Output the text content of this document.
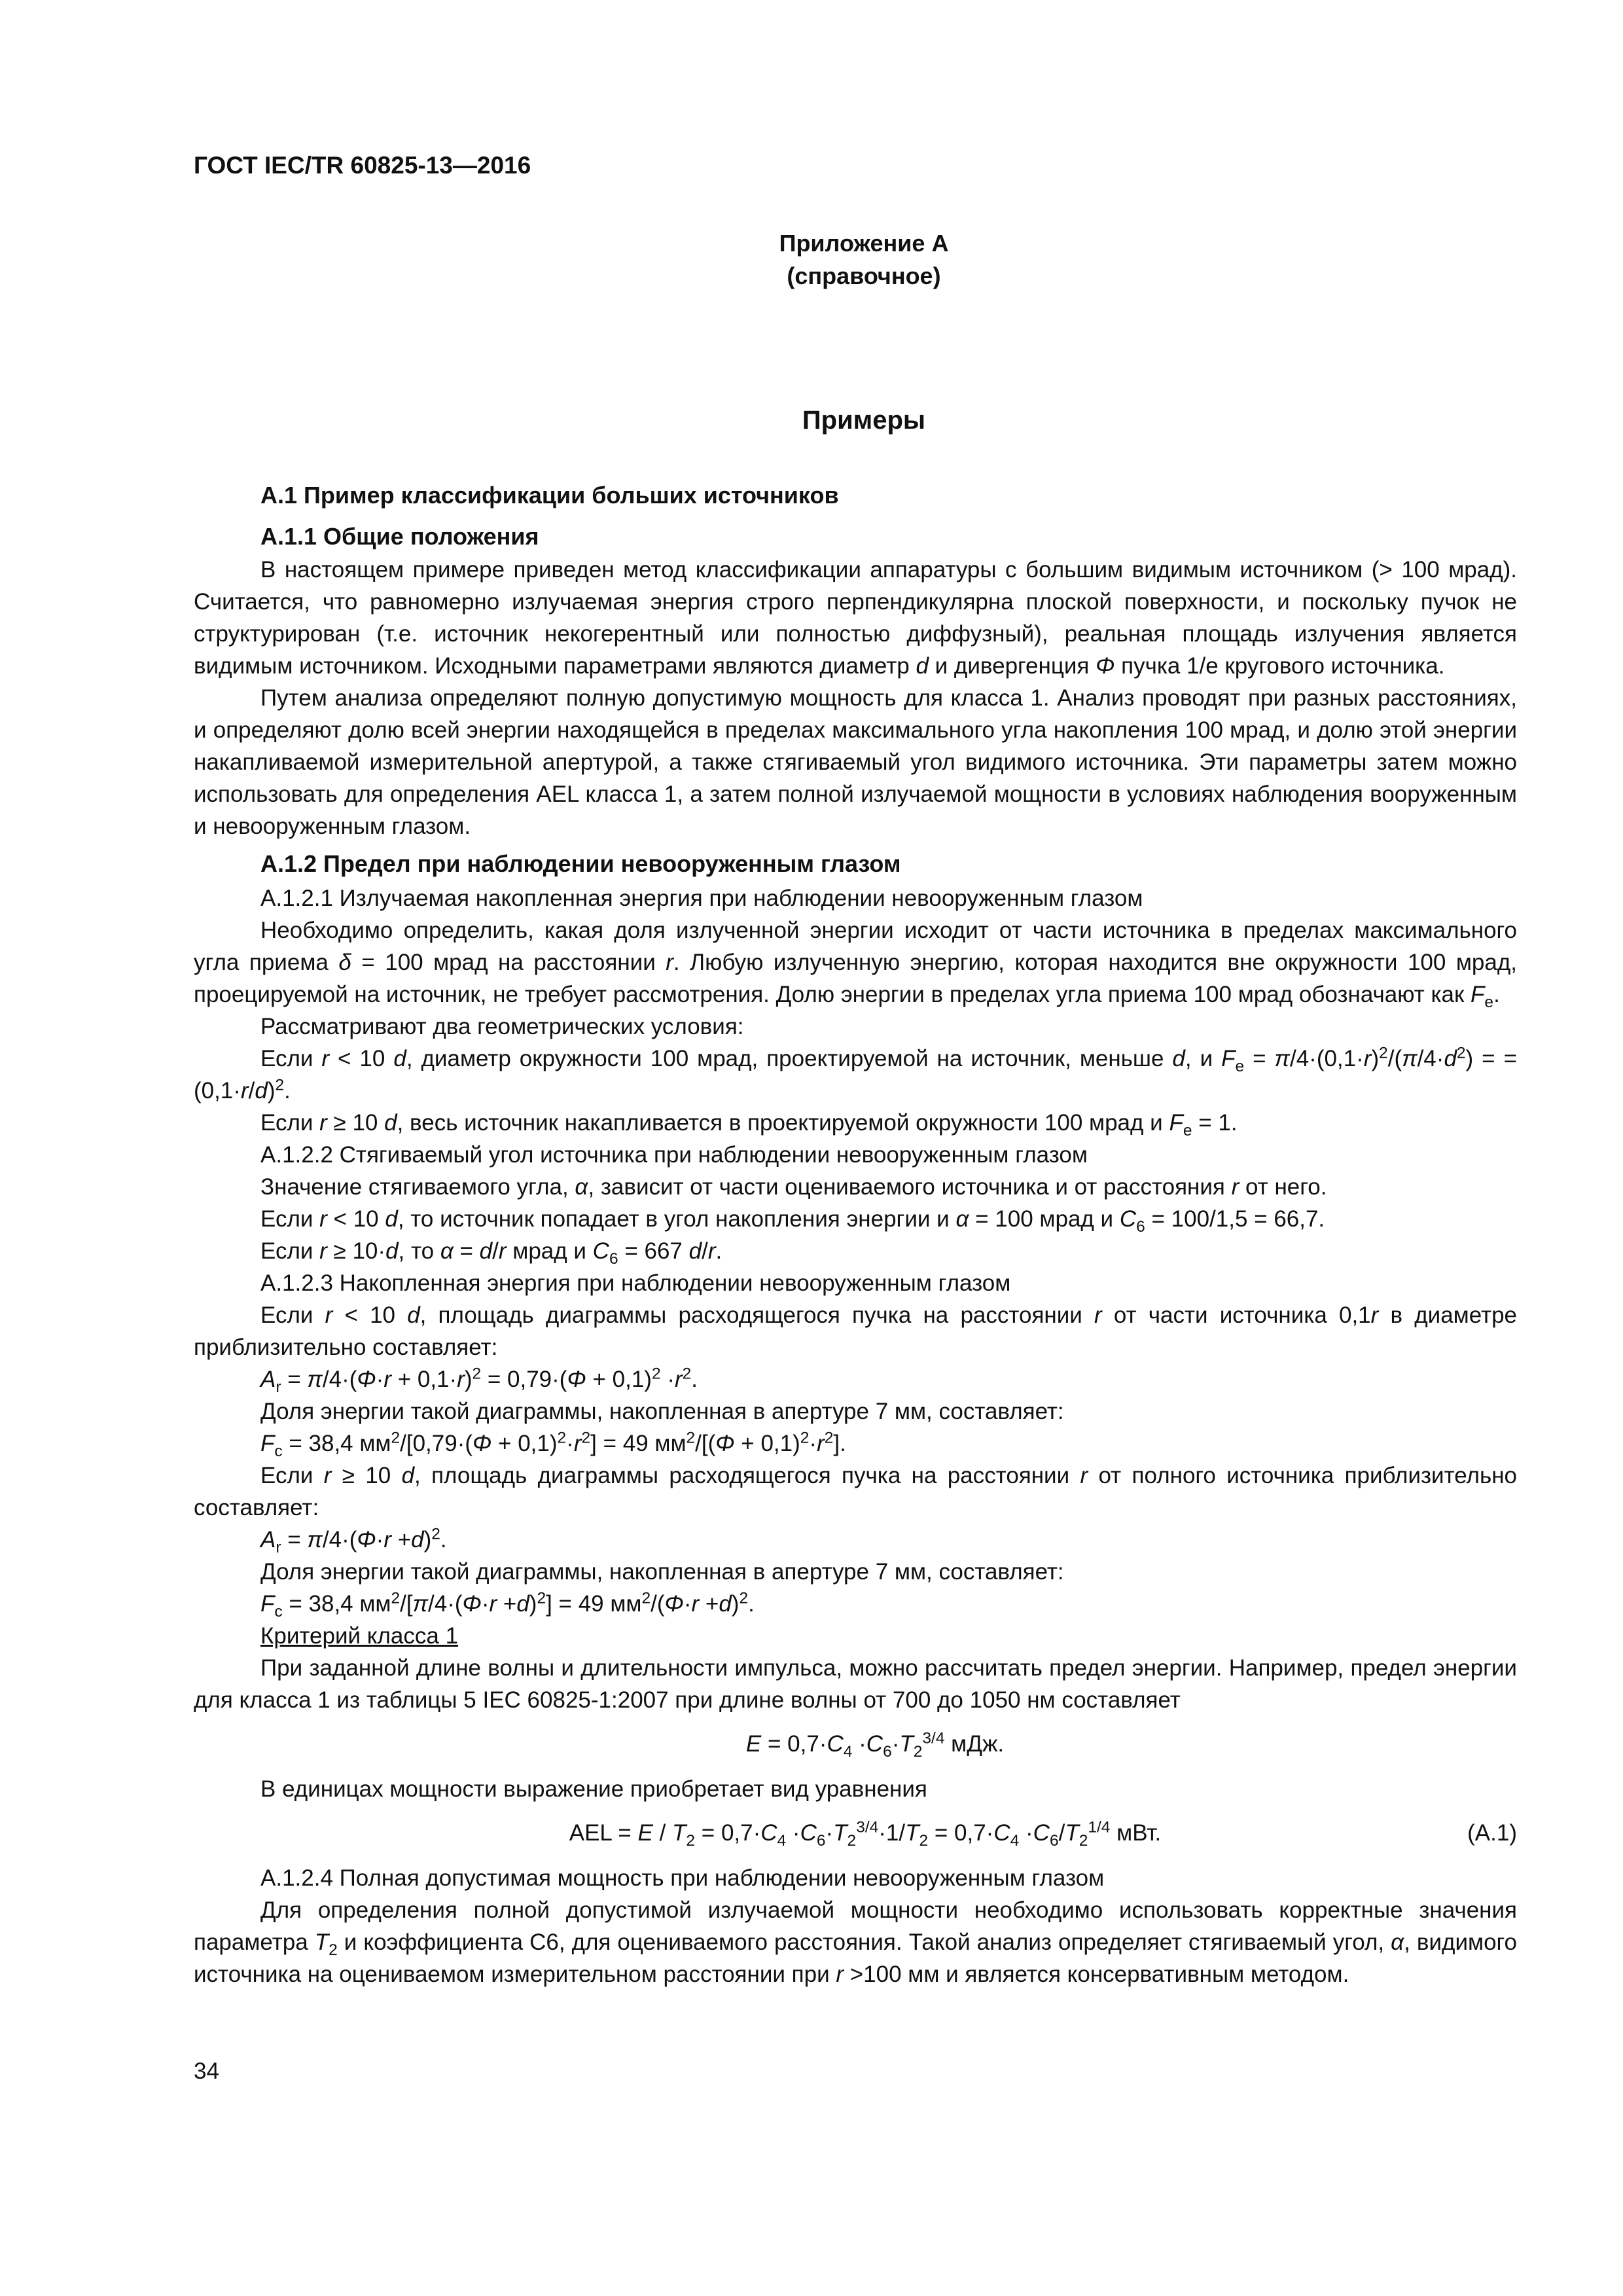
ГОСТ IEC/TR 60825-13—2016
Приложение А
(справочное)
Примеры
А.1 Пример классификации больших источников
А.1.1 Общие положения

В настоящем примере приведен метод классификации аппаратуры с большим видимым источником (> 100 мрад). Считается, что равномерно излучаемая энергия строго перпендикулярна плоской поверхности, и поскольку пучок не структурирован (т.е. источник некогерентный или полностью диффузный), реальная площадь излучения является видимым источником. Исходными параметрами являются диаметр d и дивергенция Φ пучка 1/е кругового источника.

Путем анализа определяют полную допустимую мощность для класса 1. Анализ проводят при разных расстояниях, и определяют долю всей энергии находящейся в пределах максимального угла накопления 100 мрад, и долю этой энергии накапливаемой измерительной апертурой, а также стягиваемый угол видимого источника. Эти параметры затем можно использовать для определения AEL класса 1, а затем полной излучаемой мощности в условиях наблюдения вооруженным и невооруженным глазом.

А.1.2 Предел при наблюдении невооруженным глазом

А.1.2.1 Излучаемая накопленная энергия при наблюдении невооруженным глазом

Необходимо определить, какая доля излученной энергии исходит от части источника в пределах максимального угла приема δ = 100 мрад на расстоянии r. Любую излученную энергию, которая находится вне окружности 100 мрад, проецируемой на источник, не требует рассмотрения. Долю энергии в пределах угла приема 100 мрад обозначают как $F_e$.

Рассматривают два геометрических условия:

Если r < 10 d, диаметр окружности 100 мрад, проектируемой на источник, меньше d, и $F_e = \pi/4\cdot(0,1\cdot r)^2/(\pi/4\cdot d^2)$ = = $(0,1\cdot r/d)^2$.

Если r ≥ 10 d, весь источник накапливается в проектируемой окружности 100 мрад и $F_e = 1$.

А.1.2.2 Стягиваемый угол источника при наблюдении невооруженным глазом

Значение стягиваемого угла, α, зависит от части оцениваемого источника и от расстояния r от него.

Если r < 10 d, то источник попадает в угол накопления энергии и α = 100 мрад и $C_6 = 100/1,5 = 66,7$.

Если r ≥ 10·d, то α = d/r мрад и $C_6 = 667$ d/r.

А.1.2.3 Накопленная энергия при наблюдении невооруженным глазом

Если r < 10 d, площадь диаграммы расходящегося пучка на расстоянии r от части источника 0,1r в диаметре приблизительно составляет:

$A_r = \pi/4\cdot(\Phi\cdot r + 0,1\cdot r)^2 = 0,79\cdot(\Phi + 0,1)^2 \cdot r^2$.

Доля энергии такой диаграммы, накопленная в апертуре 7 мм, составляет:

$F_c = 38,4$ $мм^2/[0,79\cdot(\Phi + 0,1)^2\cdot r^2] = 49$ $мм^2/[(\Phi + 0,1)^2\cdot r^2]$.

Если r ≥ 10 d, площадь диаграммы расходящегося пучка на расстоянии r от полного источника приблизительно составляет:

$A_r = \pi/4\cdot(\Phi\cdot r +d)^2$.

Доля энергии такой диаграммы, накопленная в апертуре 7 мм, составляет:

$F_c = 38,4$ $мм^2/[\pi/4\cdot(\Phi\cdot r +d)^2] = 49$ $мм^2/(\Phi\cdot r +d)^2$.

Критерий класса 1

При заданной длине волны и длительности импульса, можно рассчитать предел энергии. Например, предел энергии для класса 1 из таблицы 5 IEC 60825-1:2007 при длине волны от 700 до 1050 нм составляет

$E = 0,7\cdot C_4 \cdot C_6\cdot T_2^{3/4}$ мДж.

В единицах мощности выражение приобретает вид уравнения

AEL = $E / T_2 = 0,7\cdot C_4 \cdot C_6\cdot T_2^{3/4}\cdot 1/T_2 = 0,7\cdot C_4 \cdot C_6/T_2^{1/4}$ мВт.	(А.1)

А.1.2.4 Полная допустимая мощность при наблюдении невооруженным глазом

Для определения полной допустимой излучаемой мощности необходимо использовать корректные значения параметра $T_2$ и коэффициента С6, для оцениваемого расстояния. Такой анализ определяет стягиваемый угол, α, видимого источника на оцениваемом измерительном расстоянии при r >100 мм и является консервативным методом.

34
